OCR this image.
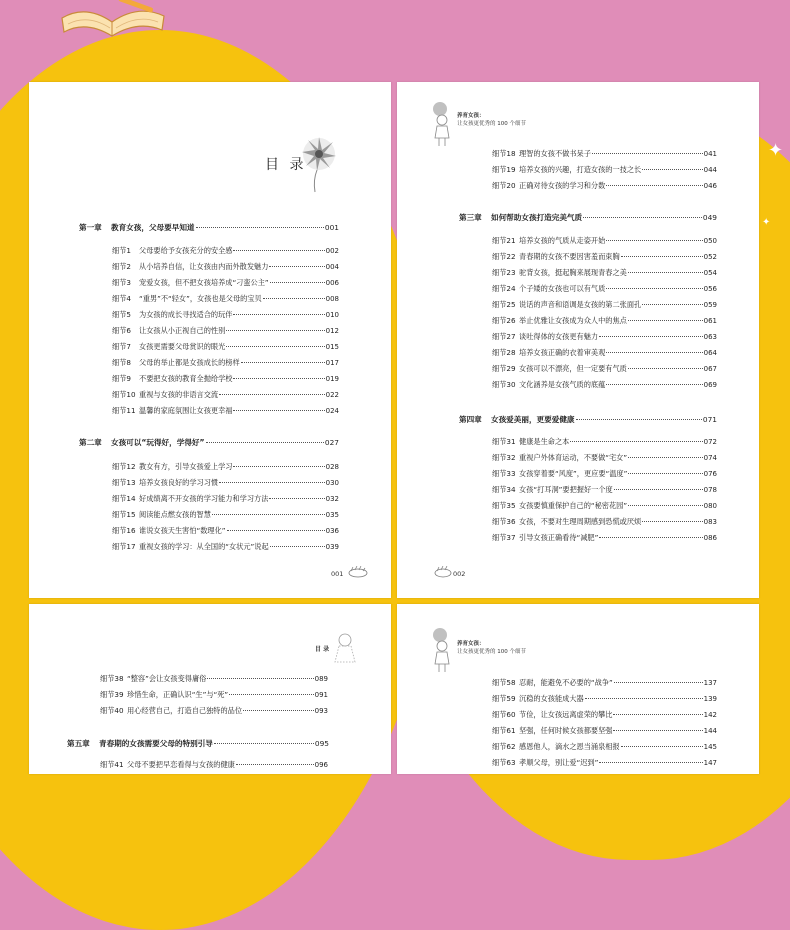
✦
✦
目 录
第一章	教育女孩，父母要早知道	001
细节1	父母要给予女孩充分的安全感	002
细节2	从小培养自信，让女孩由内而外散发魅力	004
细节3	宠爱女孩，但不把女孩培养成“刁蛮公主”	006
细节4	“重男”不“轻女”，女孩也是父母的宝贝	008
细节5	为女孩的成长寻找适合的玩伴	010
细节6	让女孩从小正视自己的性别	012
细节7	女孩更需要父母赏识的眼光	015
细节8	父母的举止都是女孩成长的榜样	017
细节9	不要把女孩的教育全抛给学校	019
细节10 重视与女孩的非语言交流	022
细节11 温馨的家庭氛围让女孩更幸福	024
第二章	女孩可以“玩得好，学得好”	027
细节12 教女有方，引导女孩爱上学习	028
细节13 培养女孩良好的学习习惯	030
细节14 好成绩离不开女孩的学习能力和学习方法	032
细节15 阅读能点燃女孩的智慧	035
细节16 谁说女孩天生害怕“数理化”	036
细节17 重视女孩的学习：从全国的“女状元”说起	039
001
养育女孩：
让女孩更优秀的 100 个细节
细节18 理智的女孩不做书呆子	041
细节19 培养女孩的兴趣，打造女孩的一技之长	044
细节20 正确对待女孩的学习和分数	046
第三章	如何帮助女孩打造完美气质	049
细节21 培养女孩的气质从走姿开始	050
细节22 青春期的女孩不要因害羞而束胸	052
细节23 驼背女孩，挺起胸来展现青春之美	054
细节24 个子矮的女孩也可以有气质	056
细节25 说话的声音和语调是女孩的第二张面孔	059
细节26 举止优雅让女孩成为众人中的焦点	061
细节27 谈吐得体的女孩更有魅力	063
细节28 培养女孩正确的衣着审美观	064
细节29 女孩可以不漂亮，但一定要有气质	067
细节30 文化涵养是女孩气质的底蕴	069
第四章	女孩爱美丽，更要爱健康	071
细节31 健康是生命之本	072
细节32 重视户外体育运动，不要做“宅女”	074
细节33 女孩穿着要“风度”，更应要“温度”	076
细节34 女孩“打耳洞”要把握好一个度	078
细节35 女孩要慎重保护自己的“秘密花园”	080
细节36 女孩，不要对生理周期感到恐慌或厌烦	083
细节37 引导女孩正确看待“减肥”	086
002
目 录
细节38 “整容”会让女孩变得庸俗	089
细节39 珍惜生命，正确认识“生”与“死”	091
细节40 用心经营自己，打造自己独特的品位	093
第五章	青春期的女孩需要父母的特别引导	095
细节41 父母不要把早恋看得与女孩的健康	096
养育女孩：
让女孩更优秀的 100 个细节
细节58 忍耐，能避免不必要的“战争”	137
细节59 沉稳的女孩能成大器	139
细节60 节俭，让女孩远离虚荣的攀比	142
细节61 坚强，任何时候女孩都要坚强	144
细节62 感恩他人，滴水之恩当涌泉相报	145
细节63 孝顺父母，别让爱“迟到”	147
